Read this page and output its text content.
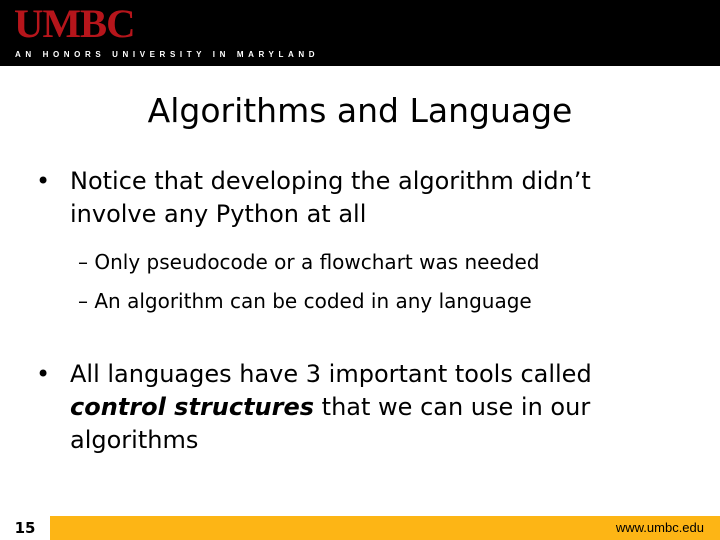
UMBC
AN HONORS UNIVERSITY IN MARYLAND
Algorithms and Language
• Notice that developing the algorithm didn’t involve any Python at all
– Only pseudocode or a flowchart was needed
– An algorithm can be coded in any language
• All languages have 3 important tools called control structures that we can use in our algorithms
15	www.umbc.edu
